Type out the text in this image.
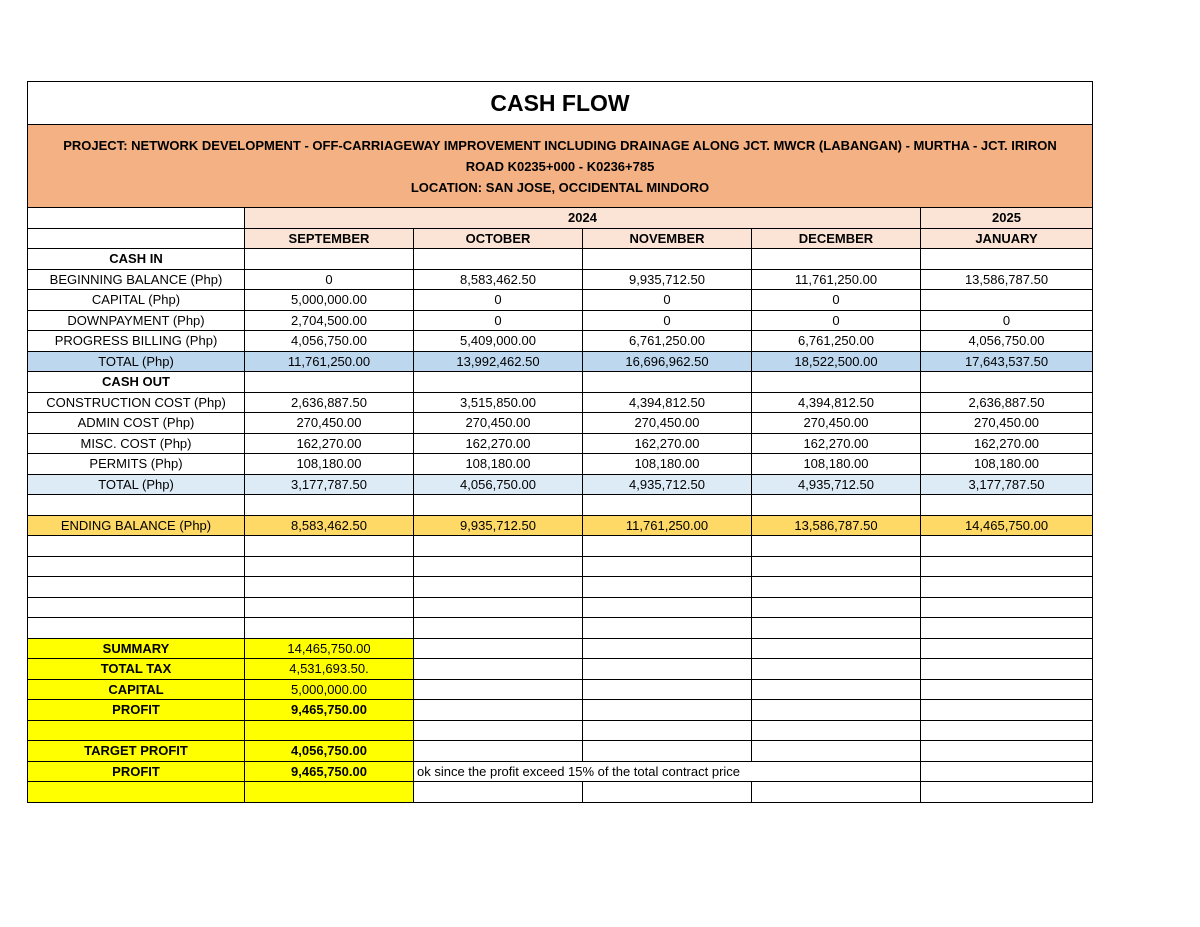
CASH FLOW					

PROJECT: NETWORK DEVELOPMENT - OFF-CARRIAGEWAY IMPROVEMENT INCLUDING DRAINAGE ALONG JCT. MWCR (LABANGAN) - MURTHA - JCT. IRIRON
ROAD K0235+000 - K0236+785
LOCATION: SAN JOSE, OCCIDENTAL MINDORO					

	2024				2025
	SEPTEMBER	OCTOBER	NOVEMBER	DECEMBER	JANUARY
CASH IN					
BEGINNING BALANCE (Php)	0	8,583,462.50	9,935,712.50	11,761,250.00	13,586,787.50
CAPITAL (Php)	5,000,000.00	0	0	0	
DOWNPAYMENT (Php)	2,704,500.00	0	0	0	0
PROGRESS BILLING (Php)	4,056,750.00	5,409,000.00	6,761,250.00	6,761,250.00	4,056,750.00
TOTAL (Php)	11,761,250.00	13,992,462.50	16,696,962.50	18,522,500.00	17,643,537.50
CASH OUT					
CONSTRUCTION COST (Php)	2,636,887.50	3,515,850.00	4,394,812.50	4,394,812.50	2,636,887.50
ADMIN COST (Php)	270,450.00	270,450.00	270,450.00	270,450.00	270,450.00
MISC. COST (Php)	162,270.00	162,270.00	162,270.00	162,270.00	162,270.00
PERMITS (Php)	108,180.00	108,180.00	108,180.00	108,180.00	108,180.00
TOTAL (Php)	3,177,787.50	4,056,750.00	4,935,712.50	4,935,712.50	3,177,787.50

ENDING BALANCE (Php)	8,583,462.50	9,935,712.50	11,761,250.00	13,586,787.50	14,465,750.00

SUMMARY	14,465,750.00				
TOTAL TAX	4,531,693.50.				
CAPITAL	5,000,000.00				
PROFIT	9,465,750.00				

TARGET PROFIT	4,056,750.00				
PROFIT	9,465,750.00	ok since the profit exceed 15% of the total contract price			
